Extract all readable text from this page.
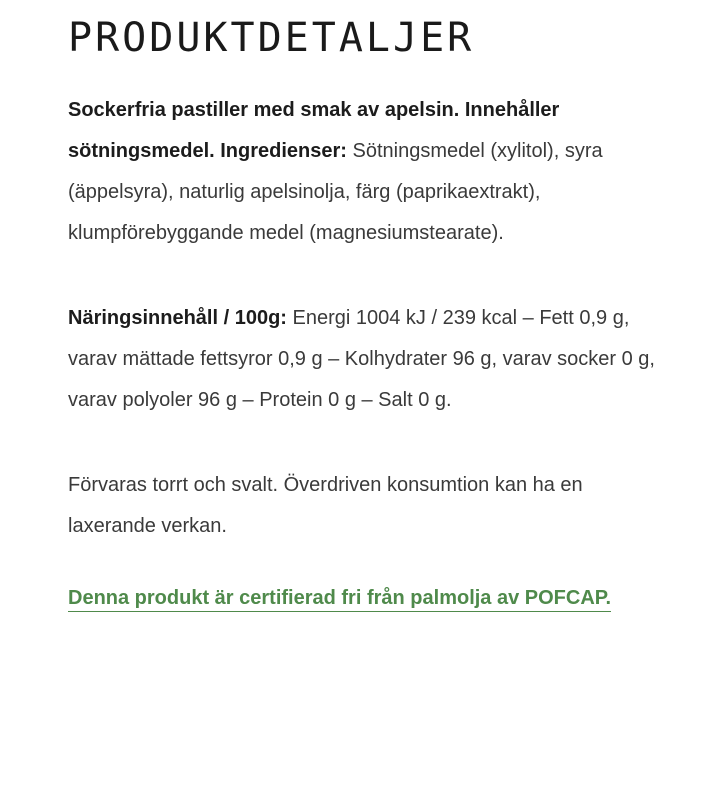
PRODUKTDETALJER

Sockerfria pastiller med smak av apelsin. Innehåller sötningsmedel. Ingredienser: Sötningsmedel (xylitol), syra (äppelsyra), naturlig apelsinolja, färg (paprikaextrakt), klumpförebyggande medel (magnesiumstearate).

Näringsinnehåll / 100g: Energi 1004 kJ / 239 kcal – Fett 0,9 g, varav mättade fettsyror 0,9 g – Kolhydrater 96 g, varav socker 0 g, varav polyoler 96 g – Protein 0 g – Salt 0 g.

Förvaras torrt och svalt. Överdriven konsumtion kan ha en laxerande verkan.

Denna produkt är certifierad fri från palmolja av POFCAP.
